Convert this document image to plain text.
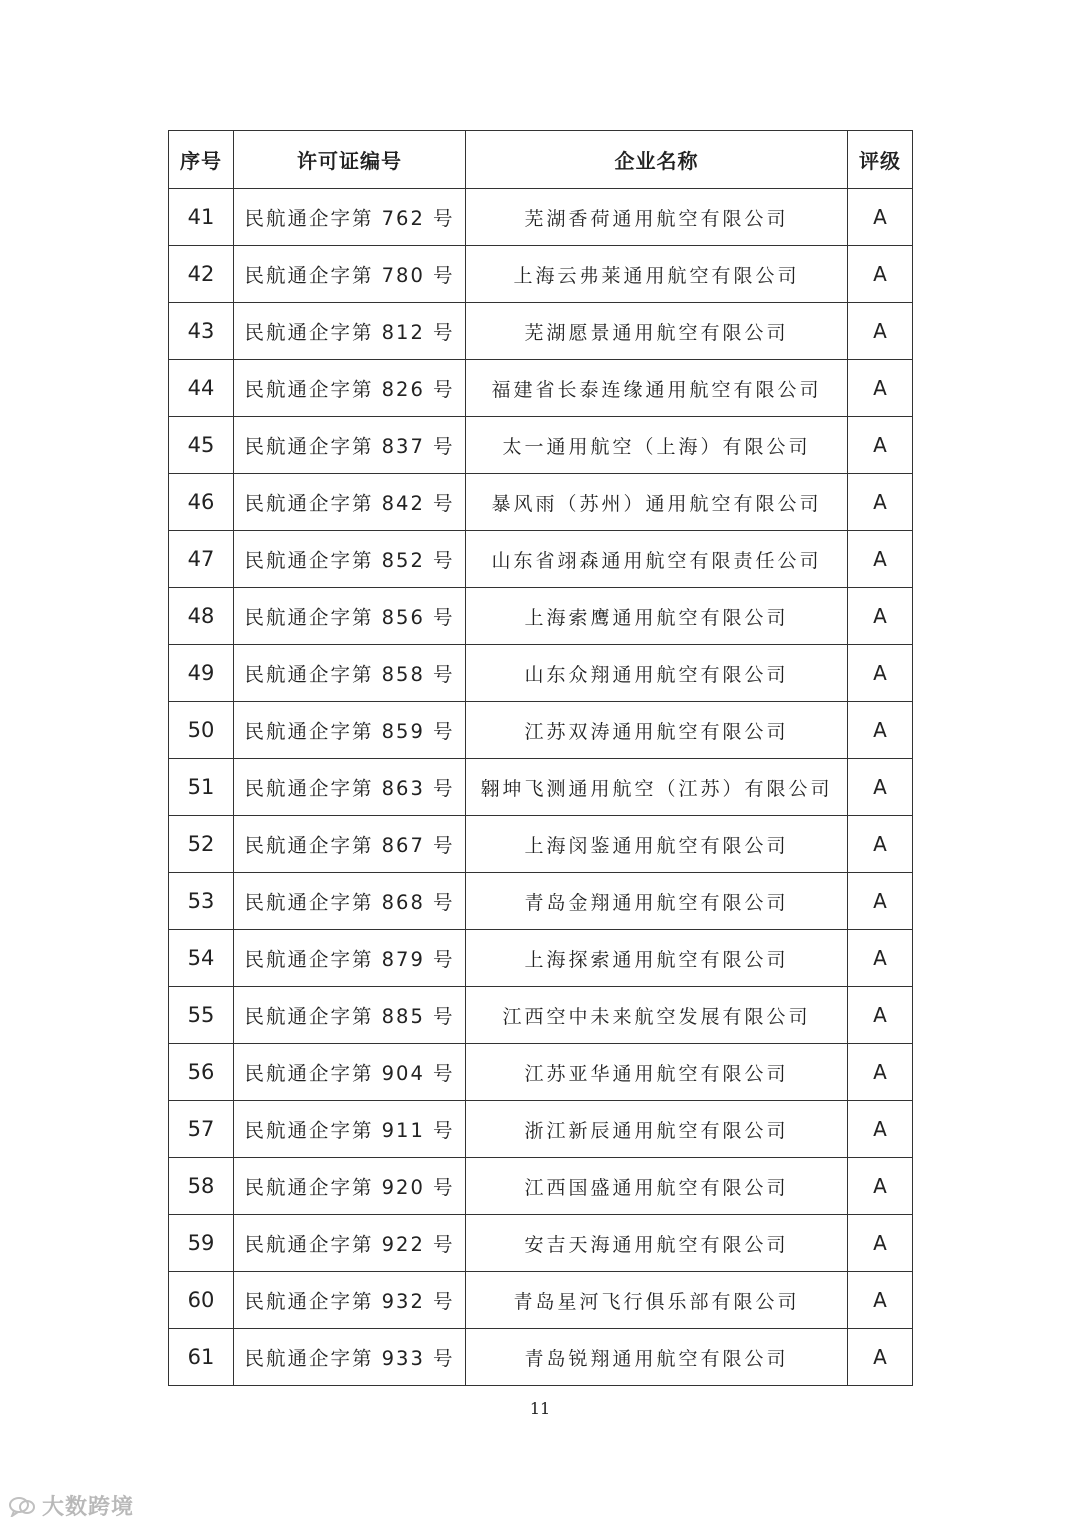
序号	许可证编号	企业名称	评级
41	民航通企字第 762 号	芜湖香荷通用航空有限公司	A
42	民航通企字第 780 号	上海云弗莱通用航空有限公司	A
43	民航通企字第 812 号	芜湖愿景通用航空有限公司	A
44	民航通企字第 826 号	福建省长泰连缘通用航空有限公司	A
45	民航通企字第 837 号	太一通用航空（上海）有限公司	A
46	民航通企字第 842 号	暴风雨（苏州）通用航空有限公司	A
47	民航通企字第 852 号	山东省翊森通用航空有限责任公司	A
48	民航通企字第 856 号	上海索鹰通用航空有限公司	A
49	民航通企字第 858 号	山东众翔通用航空有限公司	A
50	民航通企字第 859 号	江苏双涛通用航空有限公司	A
51	民航通企字第 863 号	翱坤飞测通用航空（江苏）有限公司	A
52	民航通企字第 867 号	上海闵鉴通用航空有限公司	A
53	民航通企字第 868 号	青岛金翔通用航空有限公司	A
54	民航通企字第 879 号	上海探索通用航空有限公司	A
55	民航通企字第 885 号	江西空中未来航空发展有限公司	A
56	民航通企字第 904 号	江苏亚华通用航空有限公司	A
57	民航通企字第 911 号	浙江新辰通用航空有限公司	A
58	民航通企字第 920 号	江西国盛通用航空有限公司	A
59	民航通企字第 922 号	安吉天海通用航空有限公司	A
60	民航通企字第 932 号	青岛星河飞行俱乐部有限公司	A
61	民航通企字第 933 号	青岛锐翔通用航空有限公司	A
11
大数跨境
